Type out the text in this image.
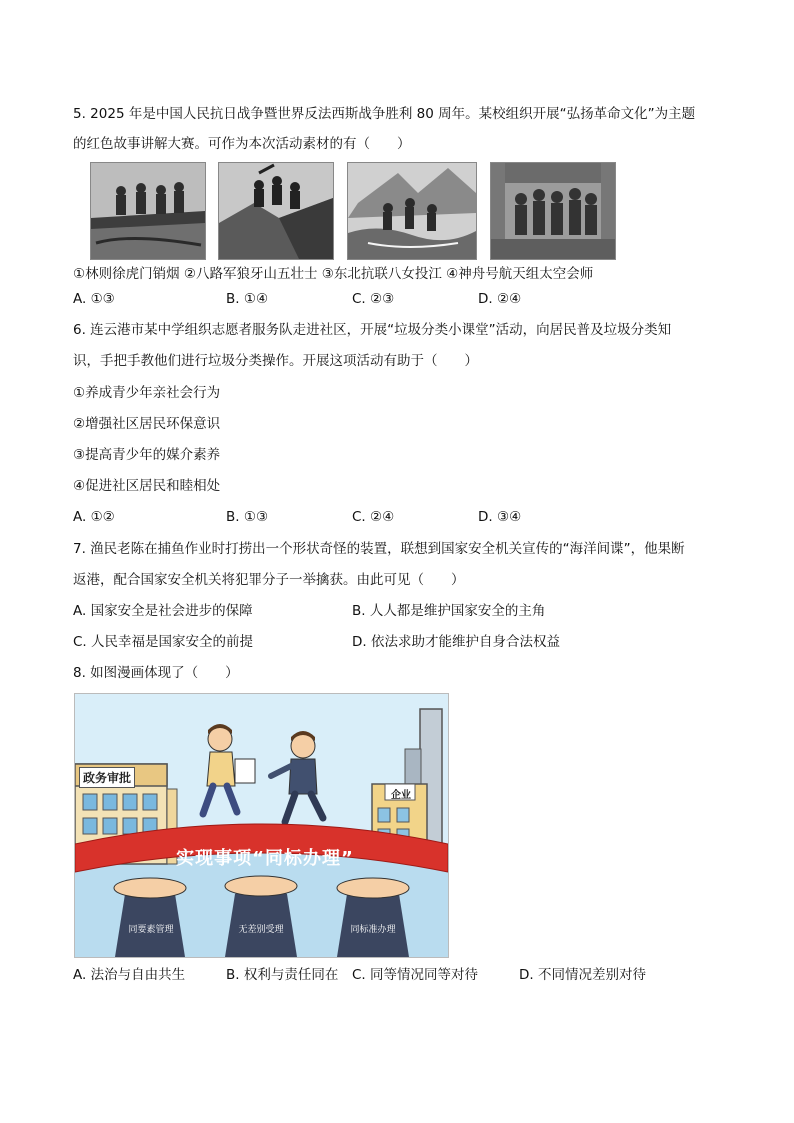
5. 2025 年是中国人民抗日战争暨世界反法西斯战争胜利 80 周年。某校组织开展“弘扬革命文化”为主题
的红色故事讲解大赛。可作为本次活动素材的有（　　）
①林则徐虎门销烟 ②八路军狼牙山五壮士 ③东北抗联八女投江 ④神舟号航天组太空会师
A. ①③	B. ①④	C. ②③	D. ②④
6. 连云港市某中学组织志愿者服务队走进社区，开展“垃圾分类小课堂”活动，向居民普及垃圾分类知
识，手把手教他们进行垃圾分类操作。开展这项活动有助于（　　）
①养成青少年亲社会行为
②增强社区居民环保意识
③提高青少年的媒介素养
④促进社区居民和睦相处
A. ①②	B. ①③	C. ②④	D. ③④
7. 渔民老陈在捕鱼作业时打捞出一个形状奇怪的装置，联想到国家安全机关宣传的“海洋间谍”，他果断
返港，配合国家安全机关将犯罪分子一举擒获。由此可见（　　）
A. 国家安全是社会进步的保障	B. 人人都是维护国家安全的主角
C. 人民幸福是国家安全的前提	D. 依法求助才能维护自身合法权益
8. 如图漫画体现了（　　）
政务审批
企业
实现事项“同标办理”
同要素管理	无差别受理	同标准办理
A. 法治与自由共生	B. 权利与责任同在 C. 同等情况同等对待	D. 不同情况差别对待
